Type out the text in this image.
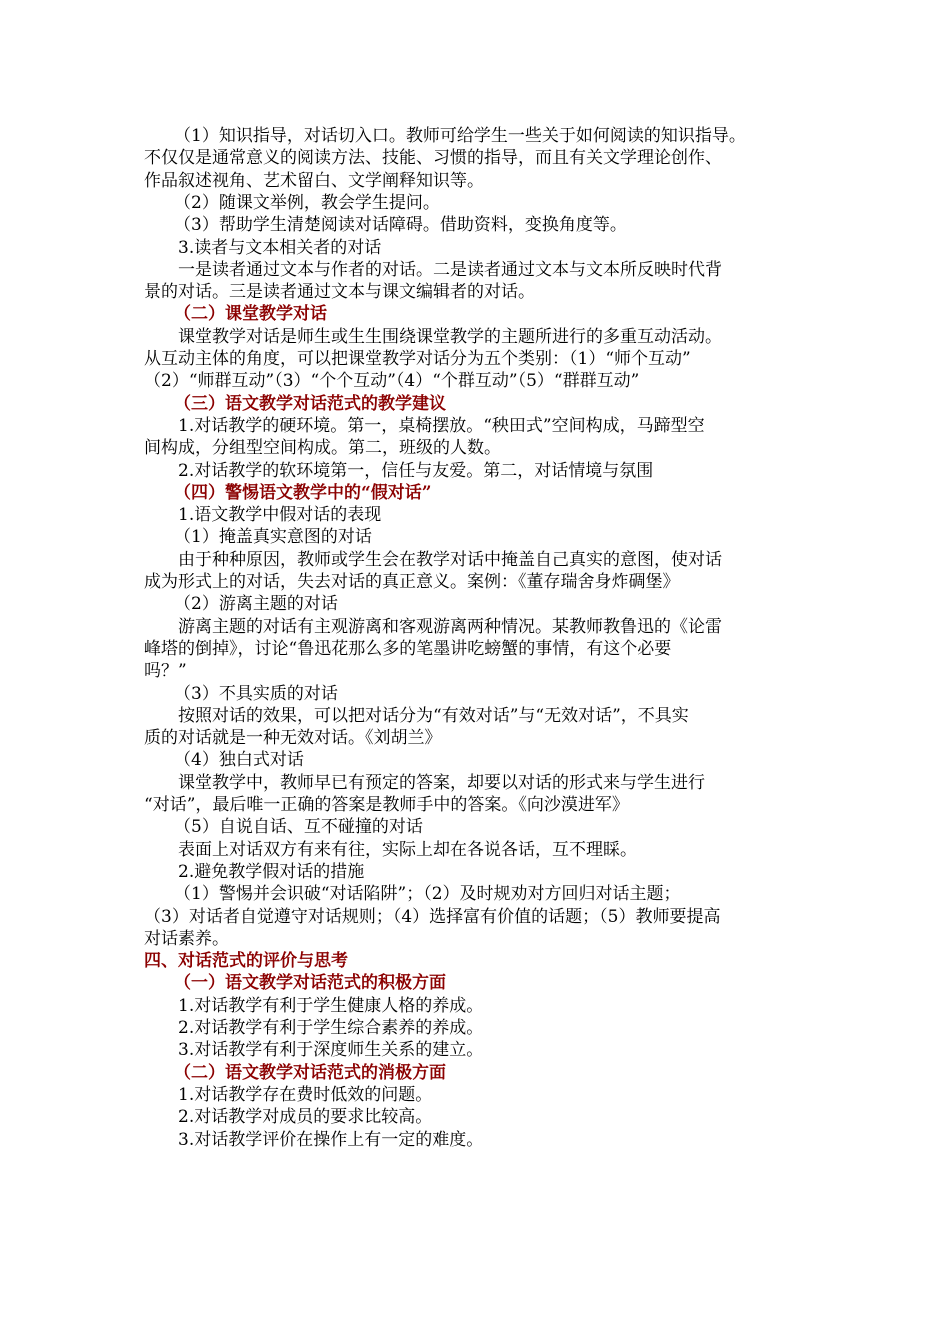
（1）知识指导，对话切入口。教师可给学生一些关于如何阅读的知识指导。
不仅仅是通常意义的阅读方法、技能、习惯的指导，而且有关文学理论创作、
作品叙述视角、艺术留白、文学阐释知识等。
（2）随课文举例，教会学生提问。
（3）帮助学生清楚阅读对话障碍。借助资料，变换角度等。
3.读者与文本相关者的对话
一是读者通过文本与作者的对话。二是读者通过文本与文本所反映时代背
景的对话。三是读者通过文本与课文编辑者的对话。
（二）课堂教学对话
课堂教学对话是师生或生生围绕课堂教学的主题所进行的多重互动活动。
从互动主体的角度，可以把课堂教学对话分为五个类别：（1）“师个互动”
（2）“师群互动”（3）“个个互动”（4）“个群互动”（5）“群群互动”
（三）语文教学对话范式的教学建议
1.对话教学的硬环境。第一，桌椅摆放。“秧田式”空间构成，马蹄型空
间构成，分组型空间构成。第二，班级的人数。
2.对话教学的软环境第一，信任与友爱。第二，对话情境与氛围
（四）警惕语文教学中的“假对话”
1.语文教学中假对话的表现
（1）掩盖真实意图的对话
由于种种原因，教师或学生会在教学对话中掩盖自己真实的意图，使对话
成为形式上的对话，失去对话的真正意义。案例：《董存瑞舍身炸碉堡》
（2）游离主题的对话
游离主题的对话有主观游离和客观游离两种情况。某教师教鲁迅的《论雷
峰塔的倒掉》，讨论“鲁迅花那么多的笔墨讲吃螃蟹的事情，有这个必要
吗？”
（3）不具实质的对话
按照对话的效果，可以把对话分为“有效对话”与“无效对话”，不具实
质的对话就是一种无效对话。《刘胡兰》
（4）独白式对话
课堂教学中，教师早已有预定的答案，却要以对话的形式来与学生进行
“对话”，最后唯一正确的答案是教师手中的答案。《向沙漠进军》
（5）自说自话、互不碰撞的对话
表面上对话双方有来有往，实际上却在各说各话，互不理睬。
2.避免教学假对话的措施
（1）警惕并会识破“对话陷阱”；（2）及时规劝对方回归对话主题；
（3）对话者自觉遵守对话规则；（4）选择富有价值的话题；（5）教师要提高
对话素养。
四、对话范式的评价与思考
（一）语文教学对话范式的积极方面
1.对话教学有利于学生健康人格的养成。
2.对话教学有利于学生综合素养的养成。
3.对话教学有利于深度师生关系的建立。
（二）语文教学对话范式的消极方面
1.对话教学存在费时低效的问题。
2.对话教学对成员的要求比较高。
3.对话教学评价在操作上有一定的难度。
